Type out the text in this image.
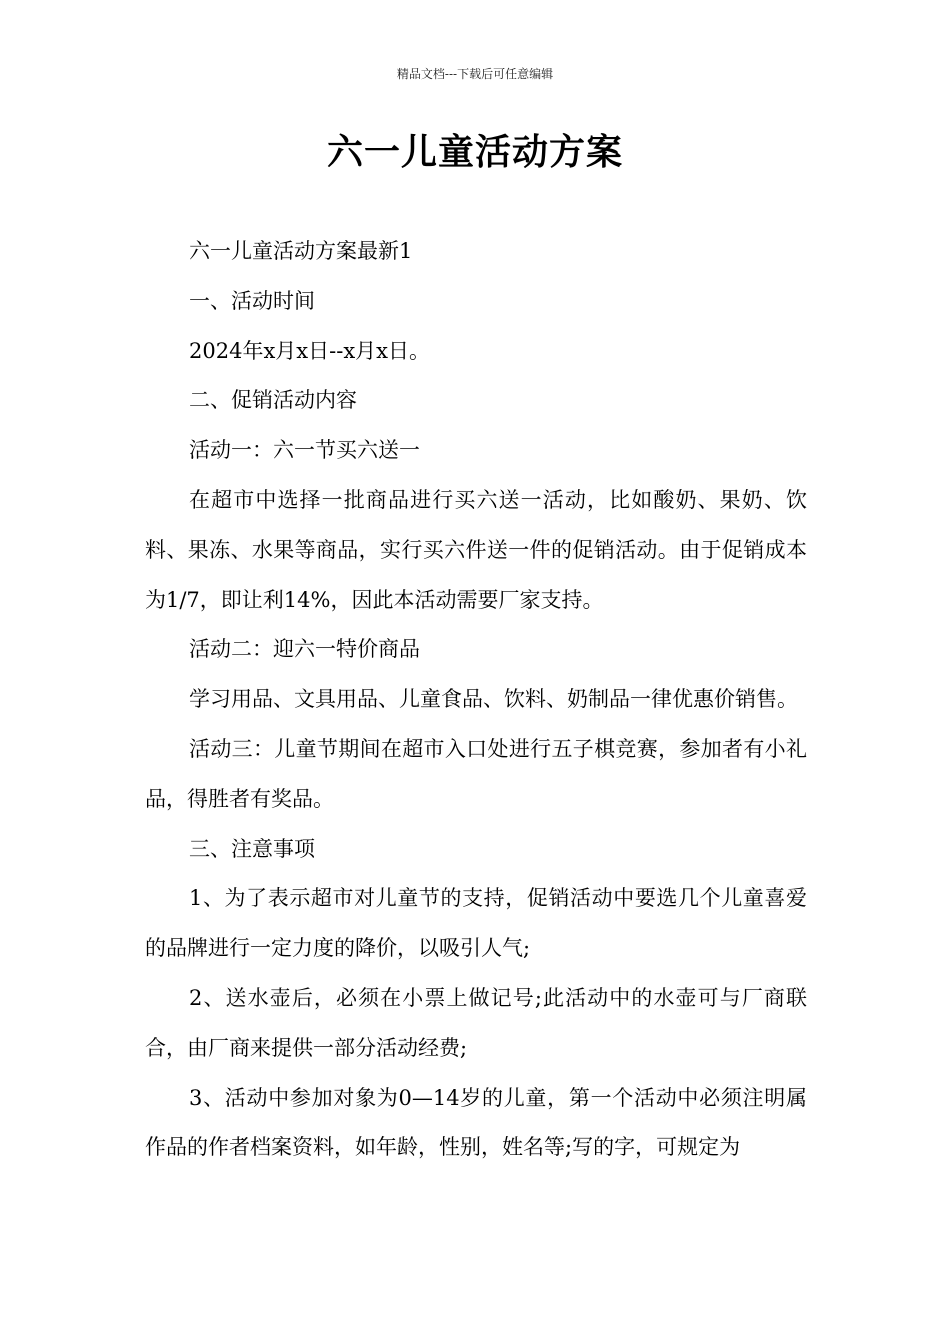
精品文档---下载后可任意编辑
六一儿童活动方案

六一儿童活动方案最新1

一、活动时间

2024年x月x日--x月x日。

二、促销活动内容

活动一：六一节买六送一

在超市中选择一批商品进行买六送一活动，比如酸奶、果奶、饮料、果冻、水果等商品，实行买六件送一件的促销活动。由于促销成本为1/7，即让利14%，因此本活动需要厂家支持。

活动二：迎六一特价商品

学习用品、文具用品、儿童食品、饮料、奶制品一律优惠价销售。

活动三：儿童节期间在超市入口处进行五子棋竞赛，参加者有小礼品，得胜者有奖品。

三、注意事项

1、为了表示超市对儿童节的支持，促销活动中要选几个儿童喜爱的品牌进行一定力度的降价，以吸引人气;

2、送水壶后，必须在小票上做记号;此活动中的水壶可与厂商联合，由厂商来提供一部分活动经费;

3、活动中参加对象为0—14岁的儿童，第一个活动中必须注明属作品的作者档案资料，如年龄，性别，姓名等;写的字，可规定为
